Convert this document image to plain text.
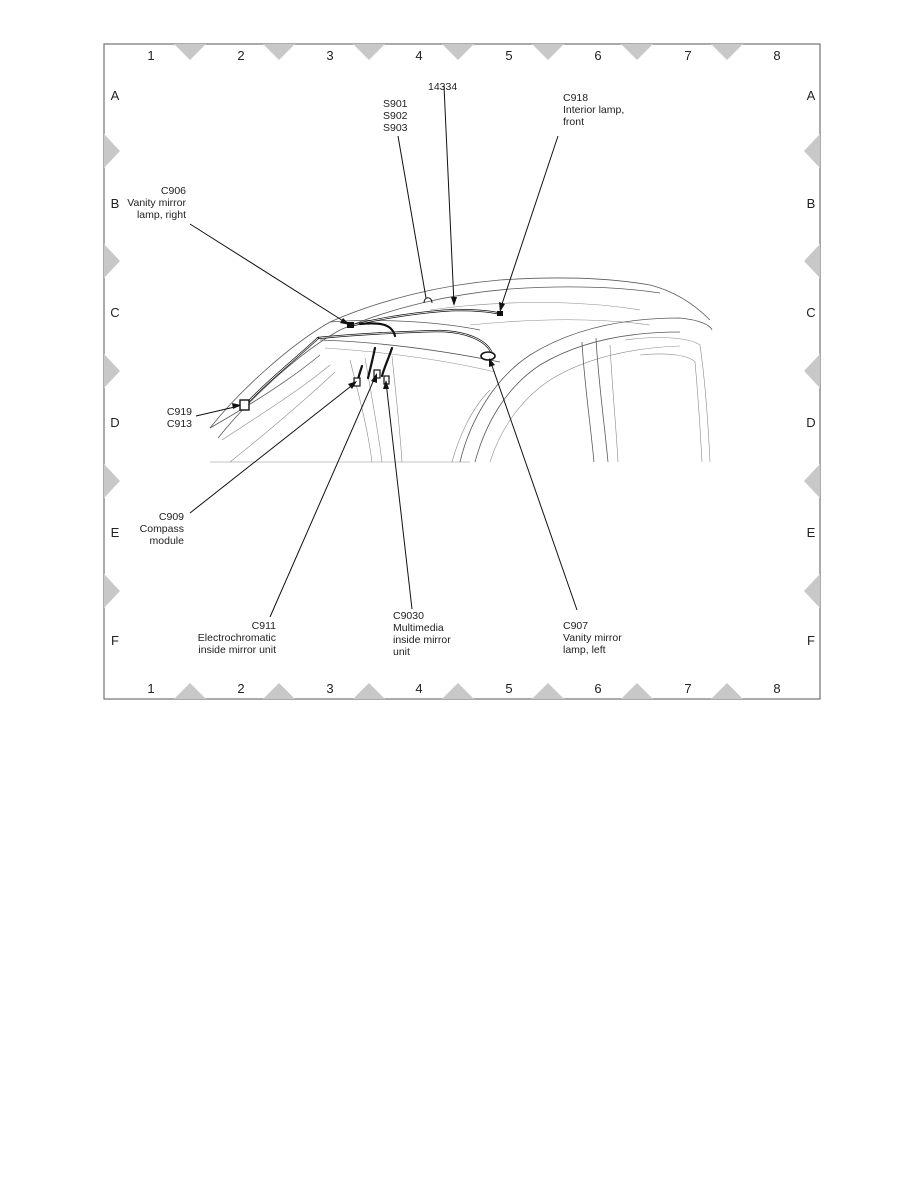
1	2	3	4	5	6	7	8
1	2	3	4	5	6	7	8
A
B
C
D
E
F
A
B
C
D
E
F
14334
S901
S902
S903
C918
Interior lamp,
front
C906
Vanity mirror
lamp, right
C919
C913
C909
Compass
module
C911
Electrochromatic
inside mirror unit
C9030
Multimedia
inside mirror
unit
C907
Vanity mirror
lamp, left
